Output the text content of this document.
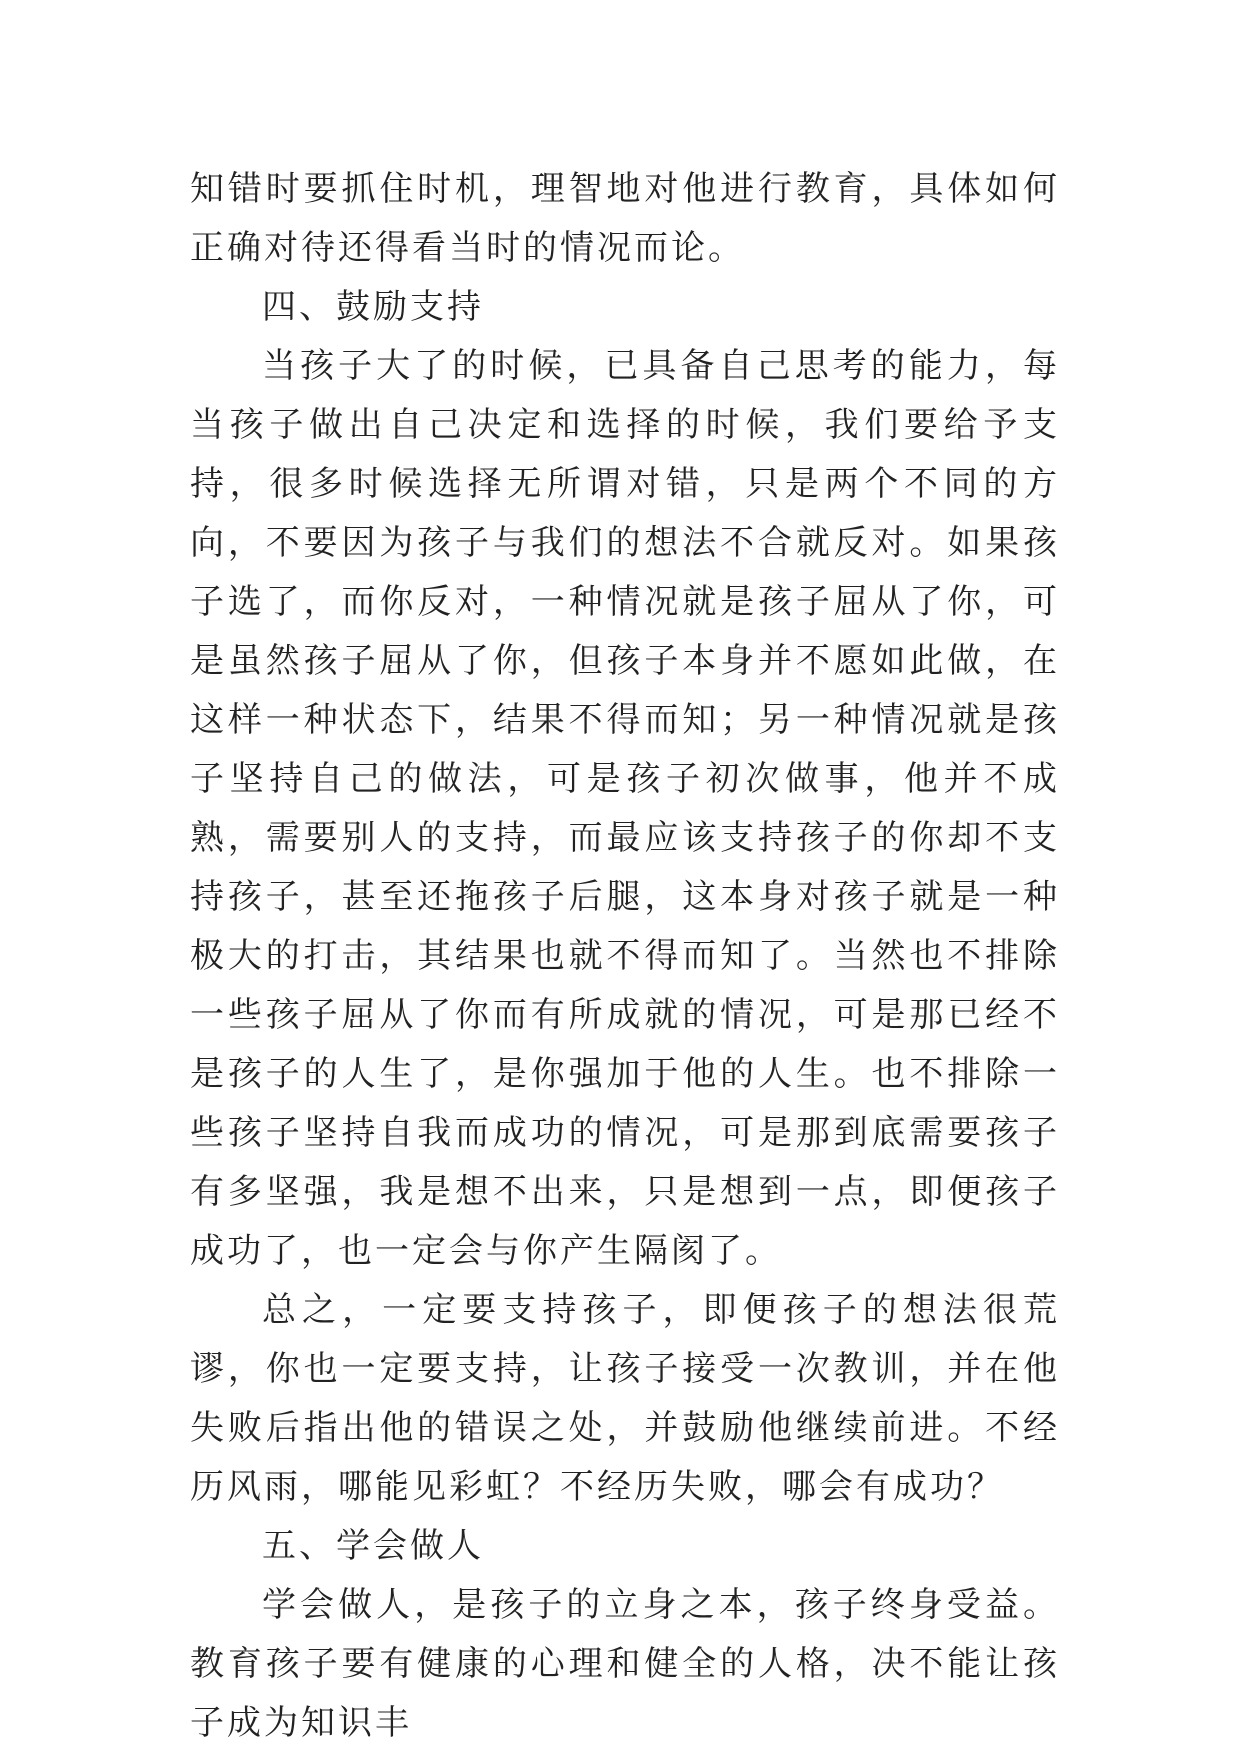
知错时要抓住时机，理智地对他进行教育，具体如何正确对待还得看当时的情况而论。

四、鼓励支持

当孩子大了的时候，已具备自己思考的能力，每当孩子做出自己决定和选择的时候，我们要给予支持，很多时候选择无所谓对错，只是两个不同的方向，不要因为孩子与我们的想法不合就反对。如果孩子选了，而你反对，一种情况就是孩子屈从了你，可是虽然孩子屈从了你，但孩子本身并不愿如此做，在这样一种状态下，结果不得而知；另一种情况就是孩子坚持自己的做法，可是孩子初次做事，他并不成熟，需要别人的支持，而最应该支持孩子的你却不支持孩子，甚至还拖孩子后腿，这本身对孩子就是一种极大的打击，其结果也就不得而知了。当然也不排除一些孩子屈从了你而有所成就的情况，可是那已经不是孩子的人生了，是你强加于他的人生。也不排除一些孩子坚持自我而成功的情况，可是那到底需要孩子有多坚强，我是想不出来，只是想到一点，即便孩子成功了，也一定会与你产生隔阂了。

总之，一定要支持孩子，即便孩子的想法很荒谬，你也一定要支持，让孩子接受一次教训，并在他失败后指出他的错误之处，并鼓励他继续前进。不经历风雨，哪能见彩虹？不经历失败，哪会有成功？

五、学会做人

学会做人，是孩子的立身之本，孩子终身受益。教育孩子要有健康的心理和健全的人格，决不能让孩子成为知识丰
